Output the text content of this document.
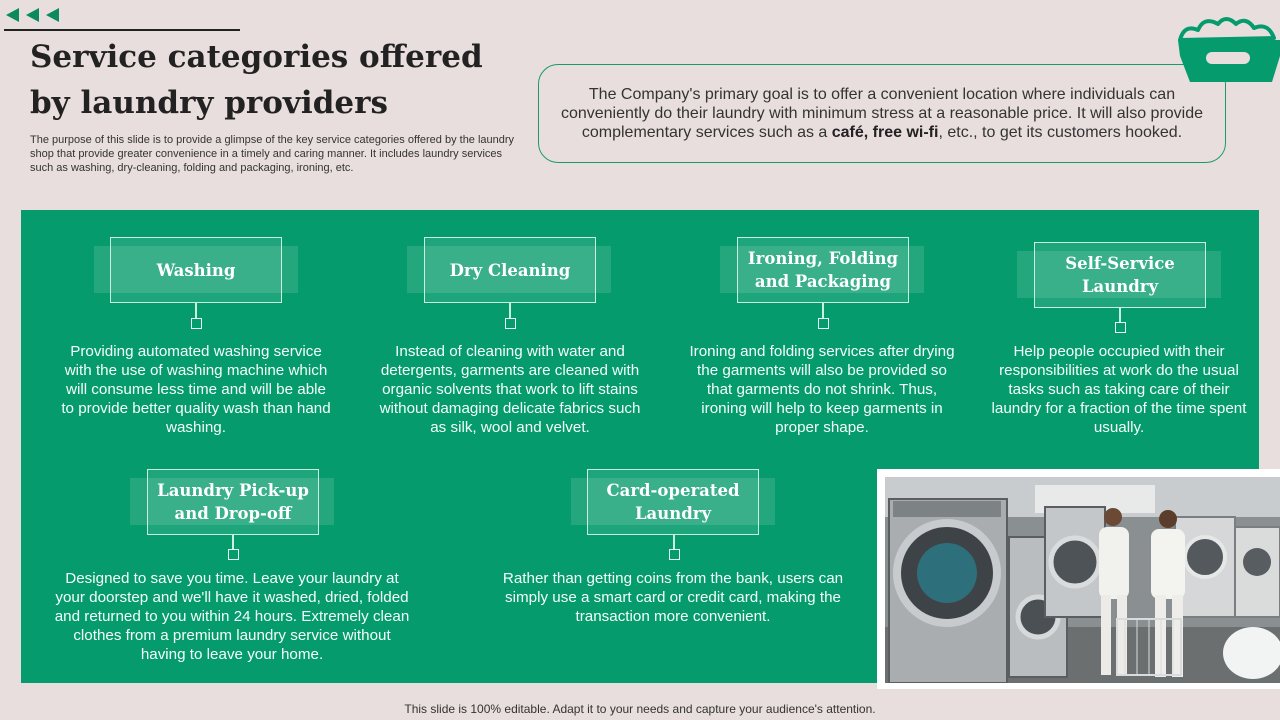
Service categories offered by laundry providers

The purpose of this slide is to provide a glimpse of the key service categories offered by the laundry shop that provide greater convenience in a timely and caring manner. It includes laundry services such as washing, dry-cleaning, folding and packaging, ironing, etc.

The Company's primary goal is to offer a convenient location where individuals can conveniently do their laundry with minimum stress at a reasonable price. It will also provide complementary services such as a café, free wi-fi, etc., to get its customers hooked.

Washing
Providing automated washing service with the use of washing machine which will consume less time and will be able to provide better quality wash than hand washing.
Dry Cleaning
Instead of cleaning with water and detergents, garments are cleaned with organic solvents that work to lift stains without damaging delicate fabrics such as silk, wool and velvet.
Ironing, Folding and Packaging
Ironing and folding services after drying the garments will also be provided so that garments do not shrink. Thus, ironing will help to keep garments in proper shape.
Self-Service Laundry
Help people occupied with their responsibilities at work do the usual tasks such as taking care of their laundry for a fraction of the time spent usually.
Laundry Pick-up and Drop-off
Designed to save you time. Leave your laundry at your doorstep and we'll have it washed, dried, folded and returned to you within 24 hours. Extremely clean clothes from a premium laundry service without having to leave your home.
Card-operated Laundry
Rather than getting coins from the bank, users can simply use a smart card or credit card, making the transaction more convenient.
This slide is 100% editable. Adapt it to your needs and capture your audience's attention.
